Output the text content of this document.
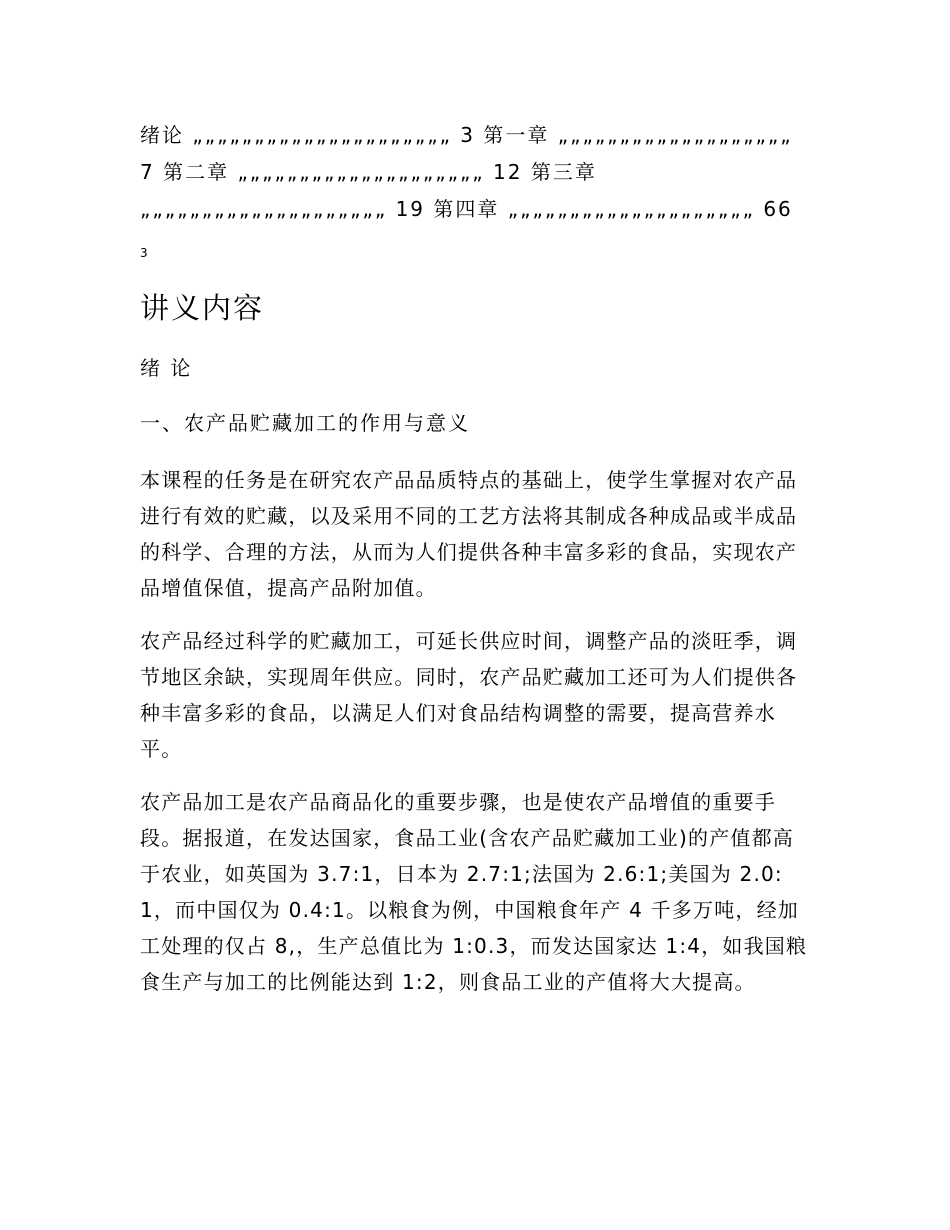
绪论 „„„„„„„„„„„„„„„„„„„„„ 3 第一章 „„„„„„„„„„„„„„„„„„„ 7 第二章 „„„„„„„„„„„„„„„„„„„„ 12 第三章 „„„„„„„„„„„„„„„„„„„„ 19 第四章 „„„„„„„„„„„„„„„„„„„„ 66
3
讲义内容
绪 论
一、农产品贮藏加工的作用与意义
本课程的任务是在研究农产品品质特点的基础上，使学生掌握对农产品进行有效的贮藏，以及采用不同的工艺方法将其制成各种成品或半成品的科学、合理的方法，从而为人们提供各种丰富多彩的食品，实现农产品增值保值，提高产品附加值。
农产品经过科学的贮藏加工，可延长供应时间，调整产品的淡旺季，调节地区余缺，实现周年供应。同时，农产品贮藏加工还可为人们提供各种丰富多彩的食品，以满足人们对食品结构调整的需要，提高营养水平。
农产品加工是农产品商品化的重要步骤，也是使农产品增值的重要手段。据报道，在发达国家，食品工业(含农产品贮藏加工业)的产值都高于农业，如英国为 3.7:1，日本为 2.7:1;法国为 2.6:1;美国为 2.0:1，而中国仅为 0.4:1。以粮食为例，中国粮食年产 4 千多万吨，经加工处理的仅占 8,，生产总值比为 1:0.3，而发达国家达 1:4，如我国粮食生产与加工的比例能达到 1:2，则食品工业的产值将大大提高。
